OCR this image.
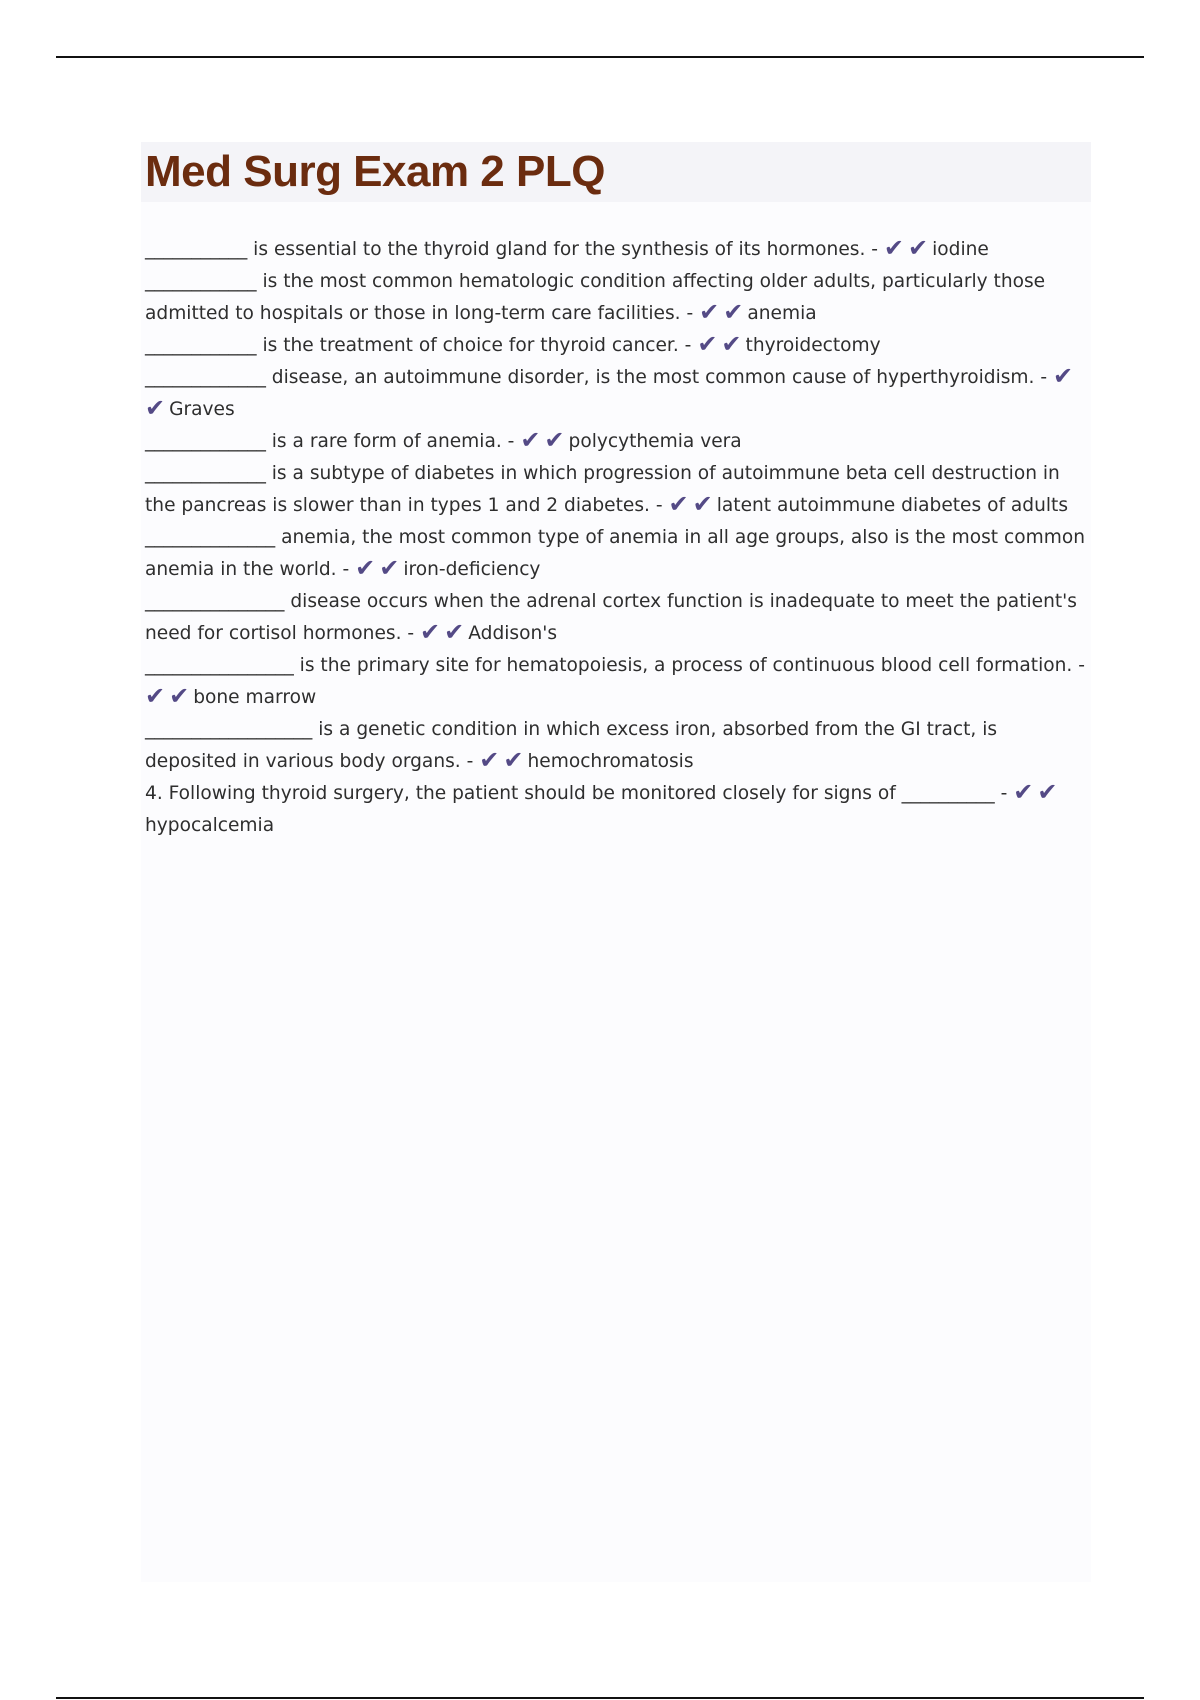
Med Surg Exam 2 PLQ

___________ is essential to the thyroid gland for the synthesis of its hormones. - ✔ ✔ iodine

____________ is the most common hematologic condition affecting older adults, particularly those admitted to hospitals or those in long-term care facilities. - ✔ ✔ anemia

____________ is the treatment of choice for thyroid cancer. - ✔ ✔ thyroidectomy

_____________ disease, an autoimmune disorder, is the most common cause of hyperthyroidism. - ✔✔ Graves

_____________ is a rare form of anemia. - ✔ ✔ polycythemia vera

_____________ is a subtype of diabetes in which progression of autoimmune beta cell destruction in the pancreas is slower than in types 1 and 2 diabetes. - ✔ ✔ latent autoimmune diabetes of adults

______________ anemia, the most common type of anemia in all age groups, also is the most common anemia in the world. - ✔ ✔ iron-deficiency

_______________ disease occurs when the adrenal cortex function is inadequate to meet the patient's need for cortisol hormones. - ✔ ✔ Addison's

________________ is the primary site for hematopoiesis, a process of continuous blood cell formation. - ✔ ✔ bone marrow

__________________ is a genetic condition in which excess iron, absorbed from the GI tract, is deposited in various body organs. - ✔ ✔ hemochromatosis

4. Following thyroid surgery, the patient should be monitored closely for signs of __________ - ✔ ✔hypocalcemia
